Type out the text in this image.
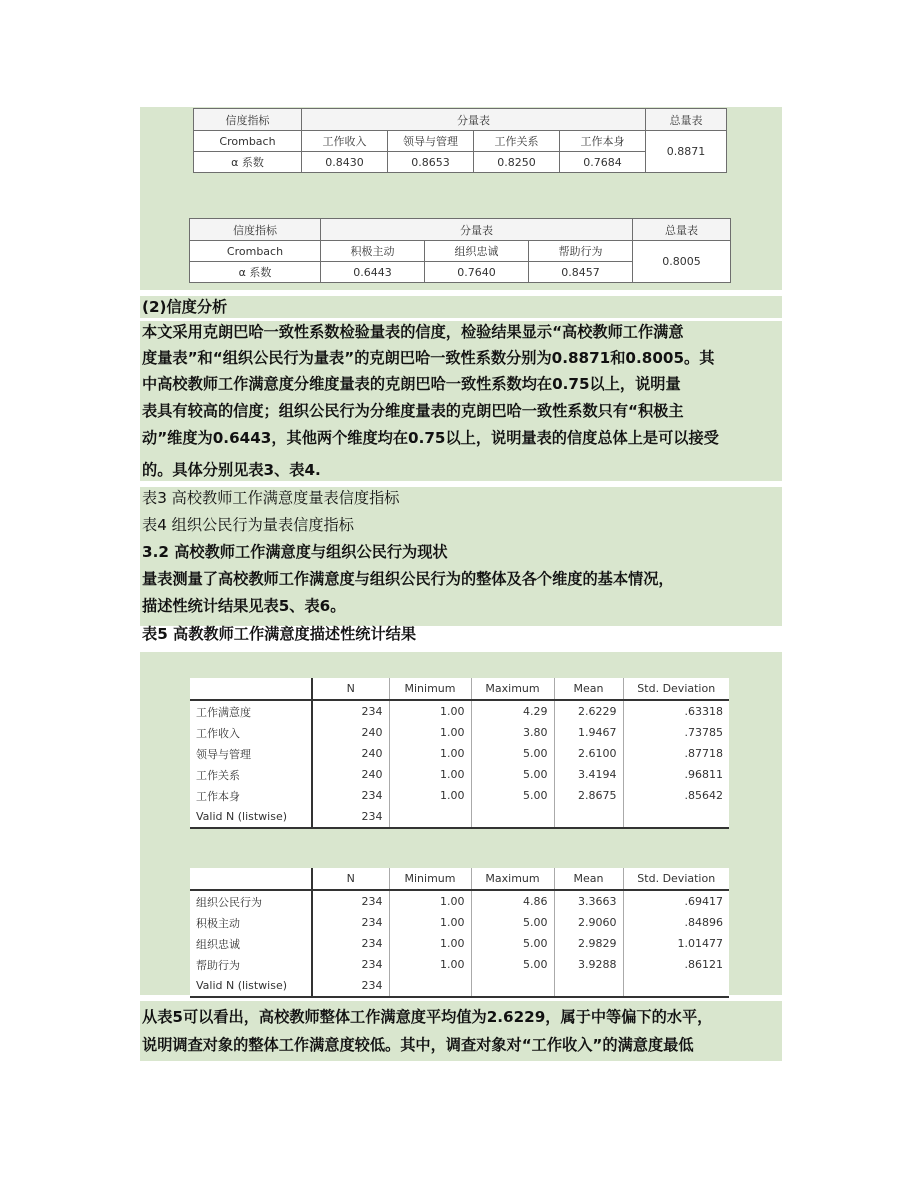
信度指标	分量表				总量表
Crombach	工作收入	领导与管理	工作关系	工作本身	0.8871
α 系数	0.8430	0.8653	0.8250	0.7684	
信度指标	分量表			总量表
Crombach	积极主动	组织忠诚	帮助行为	0.8005
α 系数	0.6443	0.7640	0.8457	
(2)信度分析
本文采用克朗巴哈一致性系数检验量表的信度，检验结果显示“高校教师工作满意
度量表”和“组织公民行为量表”的克朗巴哈一致性系数分别为0.8871和0.8005。其
中高校教师工作满意度分维度量表的克朗巴哈一致性系数均在0.75以上，说明量
表具有较高的信度；组织公民行为分维度量表的克朗巴哈一致性系数只有“积极主
动”维度为0.6443，其他两个维度均在0.75以上，说明量表的信度总体上是可以接受
的。具体分别见表3、表4.
表3 高校教师工作满意度量表信度指标
表4 组织公民行为量表信度指标
3.2 高校教师工作满意度与组织公民行为现状
量表测量了高校教师工作满意度与组织公民行为的整体及各个维度的基本情况，
描述性统计结果见表5、表6。
表5 高教教师工作满意度描述性统计结果
	N	Minimum	Maximum	Mean	Std. Deviation
工作满意度	234	1.00	4.29	2.6229	.63318
工作收入	240	1.00	3.80	1.9467	.73785
领导与管理	240	1.00	5.00	2.6100	.87718
工作关系	240	1.00	5.00	3.4194	.96811
工作本身	234	1.00	5.00	2.8675	.85642
Valid N (listwise)	234				
	N	Minimum	Maximum	Mean	Std. Deviation
组织公民行为	234	1.00	4.86	3.3663	.69417
积极主动	234	1.00	5.00	2.9060	.84896
组织忠诚	234	1.00	5.00	2.9829	1.01477
帮助行为	234	1.00	5.00	3.9288	.86121
Valid N (listwise)	234				
从表5可以看出，高校教师整体工作满意度平均值为2.6229，属于中等偏下的水平，
说明调查对象的整体工作满意度较低。其中，调查对象对“工作收入”的满意度最低
